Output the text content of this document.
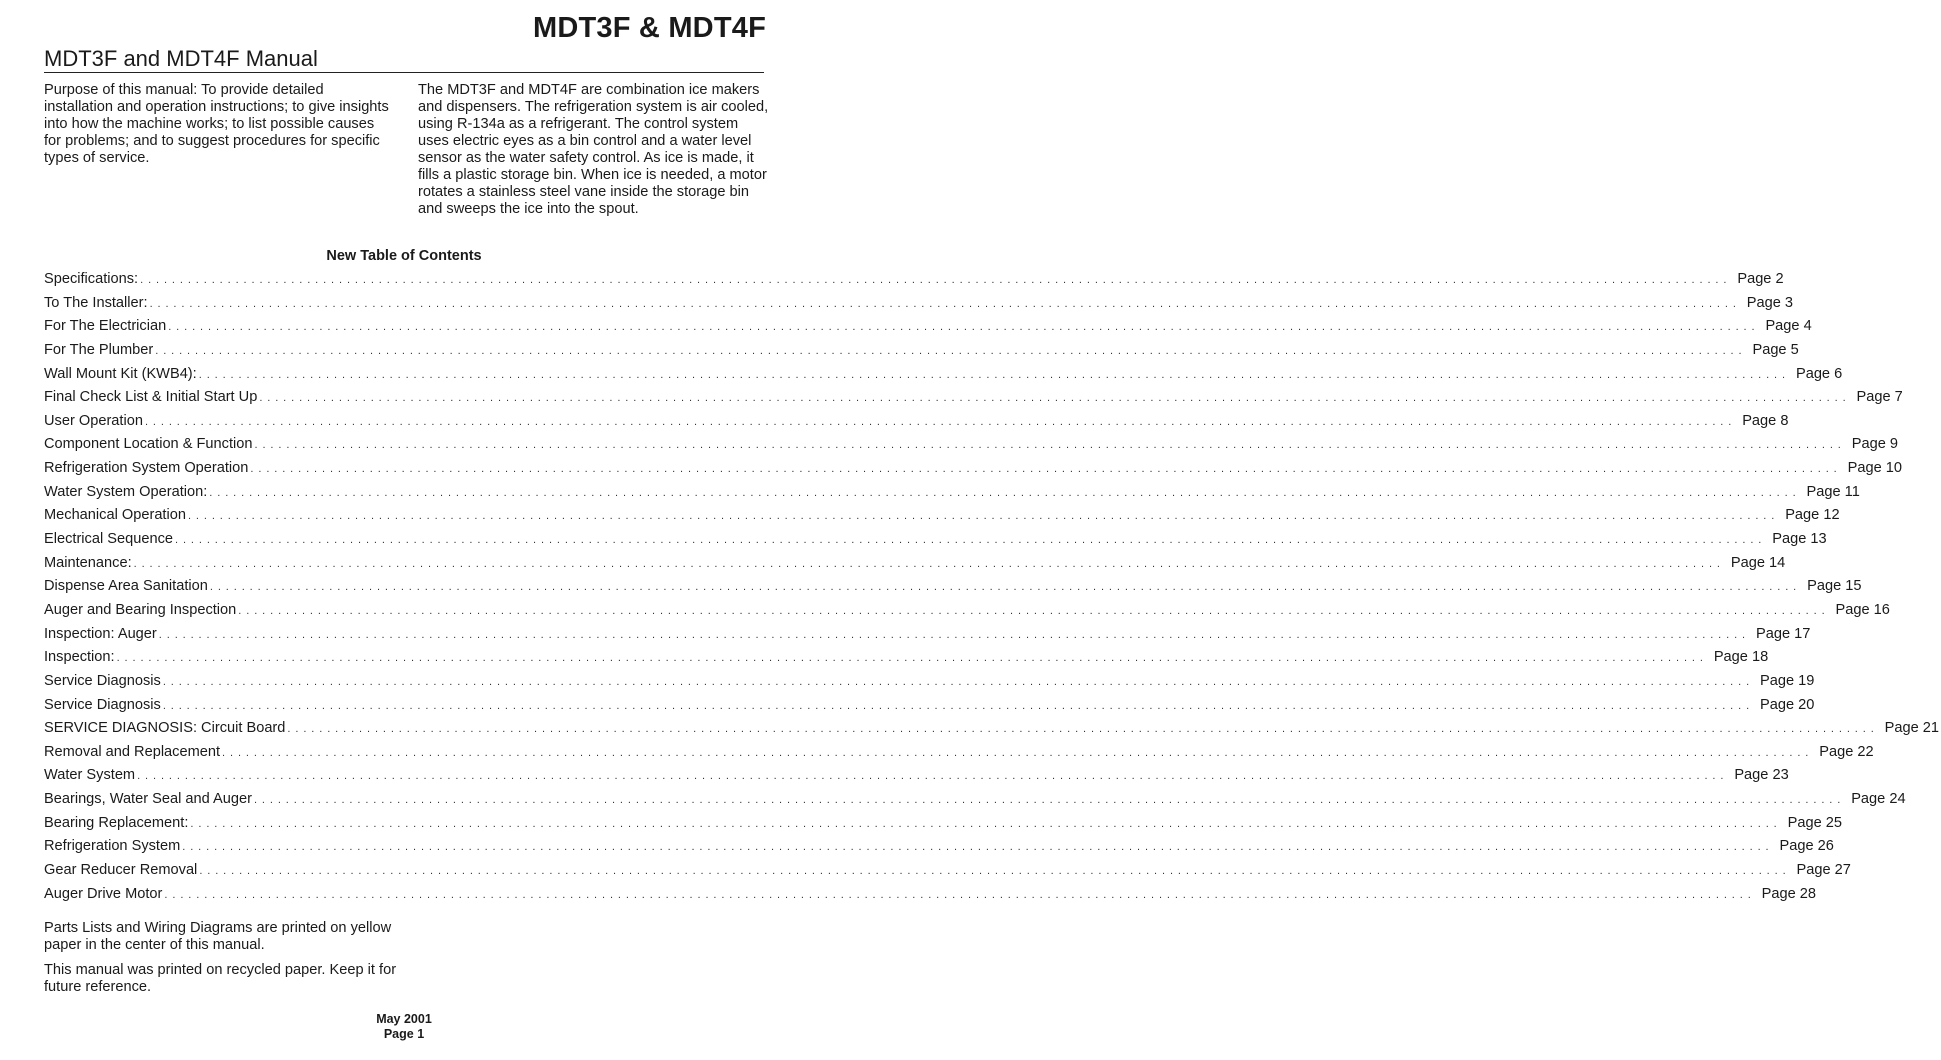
MDT3F & MDT4F
MDT3F and MDT4F Manual

Purpose of this manual: To provide detailed installation and operation instructions; to give insights into how the machine works; to list possible causes for problems; and to suggest procedures for specific types of service.

The MDT3F and MDT4F are combination ice makers and dispensers. The refrigeration system is air cooled, using R-134a as a refrigerant. The control system uses electric eyes as a bin control and a water level sensor as the water safety control. As ice is made, it fills a plastic storage bin. When ice is needed, a motor rotates a stainless steel vane inside the storage bin and sweeps the ice into the spout.

New Table of Contents
Specifications: ........................................................................................................................................................................................................ Page 2
To The Installer: ........................................................................................................................................................................................................ Page 3
For The Electrician ........................................................................................................................................................................................................ Page 4
For The Plumber ........................................................................................................................................................................................................ Page 5
Wall Mount Kit (KWB4): ........................................................................................................................................................................................................ Page 6
Final Check List & Initial Start Up ........................................................................................................................................................................................................ Page 7
User Operation ........................................................................................................................................................................................................ Page 8
Component Location & Function ........................................................................................................................................................................................................ Page 9
Refrigeration System Operation ........................................................................................................................................................................................................ Page 10
Water System Operation: ........................................................................................................................................................................................................ Page 11
Mechanical Operation ........................................................................................................................................................................................................ Page 12
Electrical Sequence ........................................................................................................................................................................................................ Page 13
Maintenance: ........................................................................................................................................................................................................ Page 14
Dispense Area Sanitation ........................................................................................................................................................................................................ Page 15
Auger and Bearing Inspection ........................................................................................................................................................................................................ Page 16
Inspection: Auger ........................................................................................................................................................................................................ Page 17
Inspection: ........................................................................................................................................................................................................ Page 18
Service Diagnosis ........................................................................................................................................................................................................ Page 19
Service Diagnosis ........................................................................................................................................................................................................ Page 20
SERVICE DIAGNOSIS: Circuit Board ........................................................................................................................................................................................................ Page 21
Removal and Replacement ........................................................................................................................................................................................................ Page 22
Water System ........................................................................................................................................................................................................ Page 23
Bearings, Water Seal and Auger ........................................................................................................................................................................................................ Page 24
Bearing Replacement: ........................................................................................................................................................................................................ Page 25
Refrigeration System ........................................................................................................................................................................................................ Page 26
Gear Reducer Removal ........................................................................................................................................................................................................ Page 27
Auger Drive Motor ........................................................................................................................................................................................................ Page 28

Parts Lists and Wiring Diagrams are printed on yellow paper in the center of this manual.

This manual was printed on recycled paper. Keep it for future reference.

May 2001
Page 1
